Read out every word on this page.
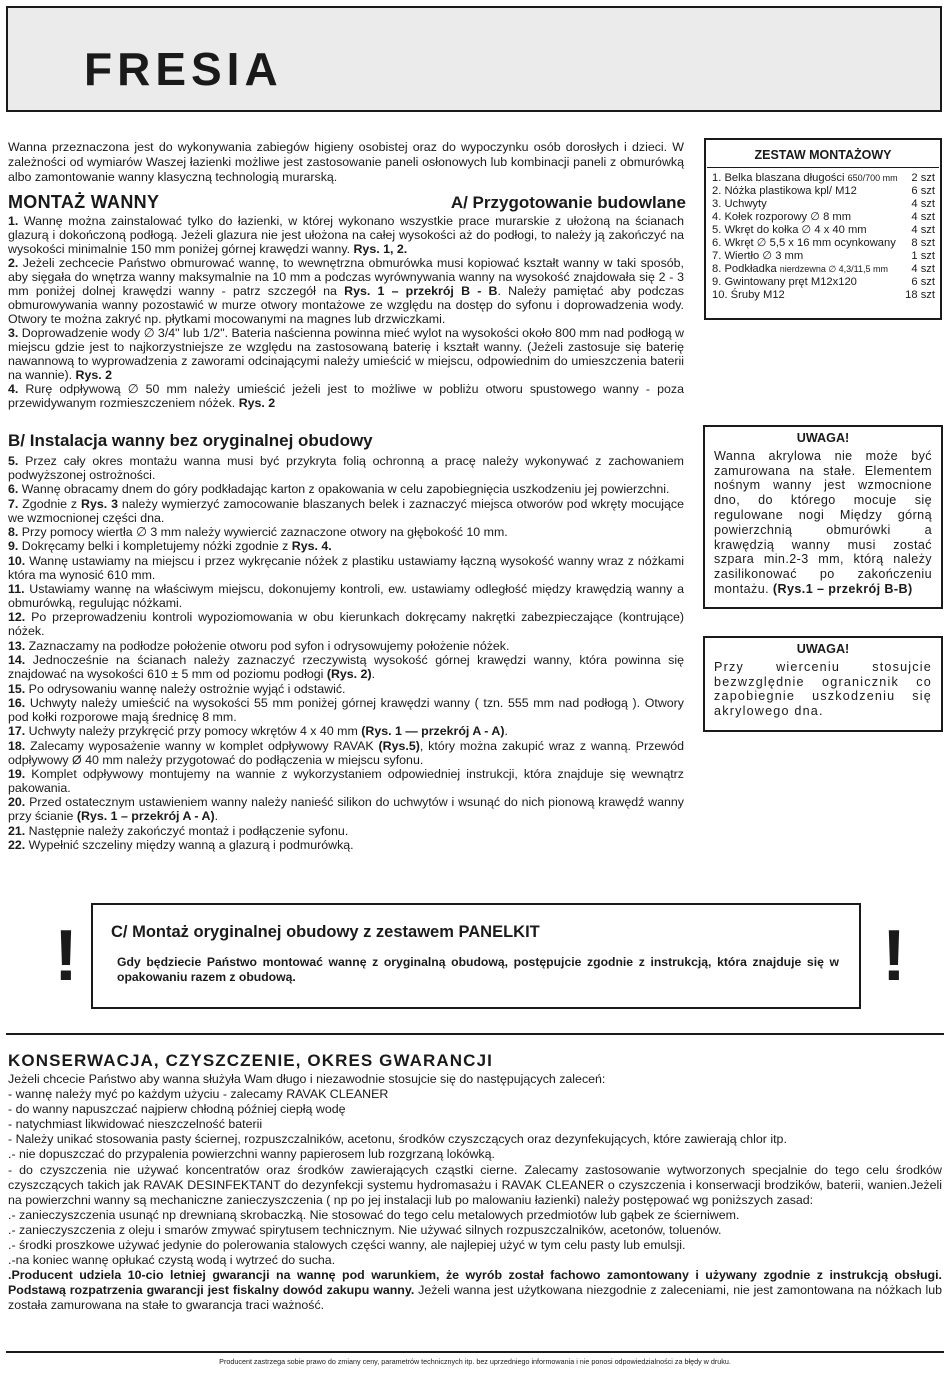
FRESIA
Wanna przeznaczona jest do wykonywania zabiegów higieny osobistej oraz do wypoczynku osób dorosłych i dzieci. W zależności od wymiarów Waszej łazienki możliwe jest zastosowanie paneli osłonowych lub kombinacji paneli z obmurówką albo zamontowanie wanny klasyczną technologią murarską.
MONTAŻ WANNY	A/ Przygotowanie budowlane

1. Wannę można zainstalować tylko do łazienki, w której wykonano wszystkie prace murarskie z ułożoną na ścianach glazurą i dokończoną podłogą. Jeżeli glazura nie jest ułożona na całej wysokości aż do podłogi, to należy ją zakończyć na wysokości minimalnie 150 mm poniżej górnej krawędzi wanny. Rys. 1, 2.

2. Jeżeli zechcecie Państwo obmurować wannę, to wewnętrzna obmurówka musi kopiować kształt wanny w taki sposób, aby sięgała do wnętrza wanny maksymalnie na 10 mm a podczas wyrównywania wanny na wysokość znajdowała się 2 - 3 mm poniżej dolnej krawędzi wanny - patrz szczegół na Rys. 1 – przekrój B - B. Należy pamiętać aby podczas obmurowywania wanny pozostawić w murze otwory montażowe ze względu na dostęp do syfonu i doprowadzenia wody. Otwory te można zakryć np. płytkami mocowanymi na magnes lub drzwiczkami.

3. Doprowadzenie wody ∅ 3/4" lub 1/2". Bateria naścienna powinna mieć wylot na wysokości około 800 mm nad podłogą w miejscu gdzie jest to najkorzystniejsze ze względu na zastosowaną baterię i kształt wanny. (Jeżeli zastosuje się baterię nawannową to wyprowadzenia z zaworami odcinającymi należy umieścić w miejscu, odpowiednim do umieszczenia baterii na wannie). Rys. 2

4. Rurę odpływową ∅ 50 mm należy umieścić jeżeli jest to możliwe w pobliżu otworu spustowego wanny - poza przewidywanym rozmieszczeniem nóżek. Rys. 2

B/ Instalacja wanny bez oryginalnej obudowy

5. Przez cały okres montażu wanna musi być przykryta folią ochronną a pracę należy wykonywać z zachowaniem podwyższonej ostrożności.

6. Wannę obracamy dnem do góry podkładając karton z opakowania w celu zapobiegnięcia uszkodzeniu jej powierzchni.

7. Zgodnie z Rys. 3 należy wymierzyć zamocowanie blaszanych belek i zaznaczyć miejsca otworów pod wkręty mocujące we wzmocnionej części dna.

8. Przy pomocy wiertła ∅ 3 mm należy wywiercić zaznaczone otwory na głębokość 10 mm.

9. Dokręcamy belki i kompletujemy nóżki zgodnie z Rys. 4.

10. Wannę ustawiamy na miejscu i przez wykręcanie nóżek z plastiku ustawiamy łączną wysokość wanny wraz z nóżkami która ma wynosić 610 mm.

11. Ustawiamy wannę na właściwym miejscu, dokonujemy kontroli, ew. ustawiamy odległość między krawędzią wanny a obmurówką, regulując nóżkami.

12. Po przeprowadzeniu kontroli wypoziomowania w obu kierunkach dokręcamy nakrętki zabezpieczające (kontrujące) nóżek.

13. Zaznaczamy na podłodze położenie otworu pod syfon i odrysowujemy położenie nóżek.

14. Jednocześnie na ścianach należy zaznaczyć rzeczywistą wysokość górnej krawędzi wanny, która powinna się znajdować na wysokości 610 ± 5 mm od poziomu podłogi (Rys. 2).

15. Po odrysowaniu wannę należy ostrożnie wyjąć i odstawić.

16. Uchwyty należy umieścić na wysokości 55 mm poniżej górnej krawędzi wanny ( tzn. 555 mm nad podłogą ). Otwory pod kołki rozporowe mają średnicę 8 mm.

17. Uchwyty należy przykręcić przy pomocy wkrętów 4 x 40 mm (Rys. 1 — przekrój A - A).

18. Zalecamy wyposażenie wanny w komplet odpływowy RAVAK (Rys.5), który można zakupić wraz z wanną. Przewód odpływowy Ø 40 mm należy przygotować do podłączenia w miejscu syfonu.

19. Komplet odpływowy montujemy na wannie z wykorzystaniem odpowiedniej instrukcji, która znajduje się wewnątrz pakowania.

20. Przed ostatecznym ustawieniem wanny należy nanieść silikon do uchwytów i wsunąć do nich pionową krawędź wanny przy ścianie (Rys. 1 – przekrój A - A).

21. Następnie należy zakończyć montaż i podłączenie syfonu.

22. Wypełnić szczeliny między wanną a glazurą i podmurówką.

ZESTAW MONTAŻOWY
1. Belka blaszana długości 650/700 mm 2 szt
2. Nóżka plastikowa kpl/ M12	6 szt
3. Uchwyty	4 szt
4. Kołek rozporowy ∅ 8 mm	4 szt
5. Wkręt do kołka ∅ 4 x 40 mm	4 szt
6. Wkręt ∅ 5,5 x 16 mm ocynkowany 8 szt
7. Wiertło ∅ 3 mm	1 szt
8. Podkładka nierdzewna ∅ 4,3/11,5 mm 4 szt
9. Gwintowany pręt M12x120	6 szt
10. Śruby M12	18 szt
UWAGA!
Wanna akrylowa nie może być zamurowana na stałe. Elementem nośnym wanny jest wzmocnione dno, do którego mocuje się regulowane nogi Między górną powierzchnią obmurówki a krawędzią wanny musi zostać szpara min.2-3 mm, którą należy zasilikonować po zakończeniu montażu. (Rys.1 – przekrój B-B)
UWAGA!
Przy wierceniu stosujcie bezwzględnie ogranicznik co zapobiegnie uszkodzeniu się akrylowego dna.
!	!
C/ Montaż oryginalnej obudowy z zestawem PANELKIT
Gdy będziecie Państwo montować wannę z oryginalną obudową, postępujcie zgodnie z instrukcją, która znajduje się w opakowaniu razem z obudową.
KONSERWACJA, CZYSZCZENIE, OKRES GWARANCJI

Jeżeli chcecie Państwo aby wanna służyła Wam długo i niezawodnie stosujcie się do następujących zaleceń:

- wannę należy myć po każdym użyciu - zalecamy RAVAK CLEANER

- do wanny napuszczać najpierw chłodną później ciepłą wodę

- natychmiast likwidować nieszczelność baterii

- Należy unikać stosowania pasty ściernej, rozpuszczalników, acetonu, środków czyszczących oraz dezynfekujących, które zawierają chlor itp.

.- nie dopuszczać do przypalenia powierzchni wanny papierosem lub rozgrzaną lokówką.

- do czyszczenia nie używać koncentratów oraz środków zawierających cząstki cierne. Zalecamy zastosowanie wytworzonych specjalnie do tego celu środków czyszczących takich jak RAVAK DESINFEKTANT do dezynfekcji systemu hydromasażu i RAVAK CLEANER o czyszczenia i konserwacji brodzików, baterii, wanien.Jeżeli na powierzchni wanny są mechaniczne zanieczyszczenia ( np po jej instalacji lub po malowaniu łazienki) należy postępować wg poniższych zasad:

.- zanieczyszczenia usunąć np drewnianą skrobaczką. Nie stosować do tego celu metalowych przedmiotów lub gąbek ze ścierniwem.

.- zanieczyszczenia z oleju i smarów zmywać spirytusem technicznym. Nie używać silnych rozpuszczalników, acetonów, toluenów.

.- środki proszkowe używać jedynie do polerowania stalowych części wanny, ale najlepiej użyć w tym celu pasty lub emulsji.

.-na koniec wannę opłukać czystą wodą i wytrzeć do sucha.

.Producent udziela 10-cio letniej gwarancji na wannę pod warunkiem, że wyrób został fachowo zamontowany i używany zgodnie z instrukcją obsługi. Podstawą rozpatrzenia gwarancji jest fiskalny dowód zakupu wanny. Jeżeli wanna jest użytkowana niezgodnie z zaleceniami, nie jest zamontowana na nóżkach lub została zamurowana na stałe to gwarancja traci ważność.

Producent zastrzega sobie prawo do zmiany ceny, parametrów technicznych itp. bez uprzedniego informowania i nie ponosi odpowiedzialności za błędy w druku.
